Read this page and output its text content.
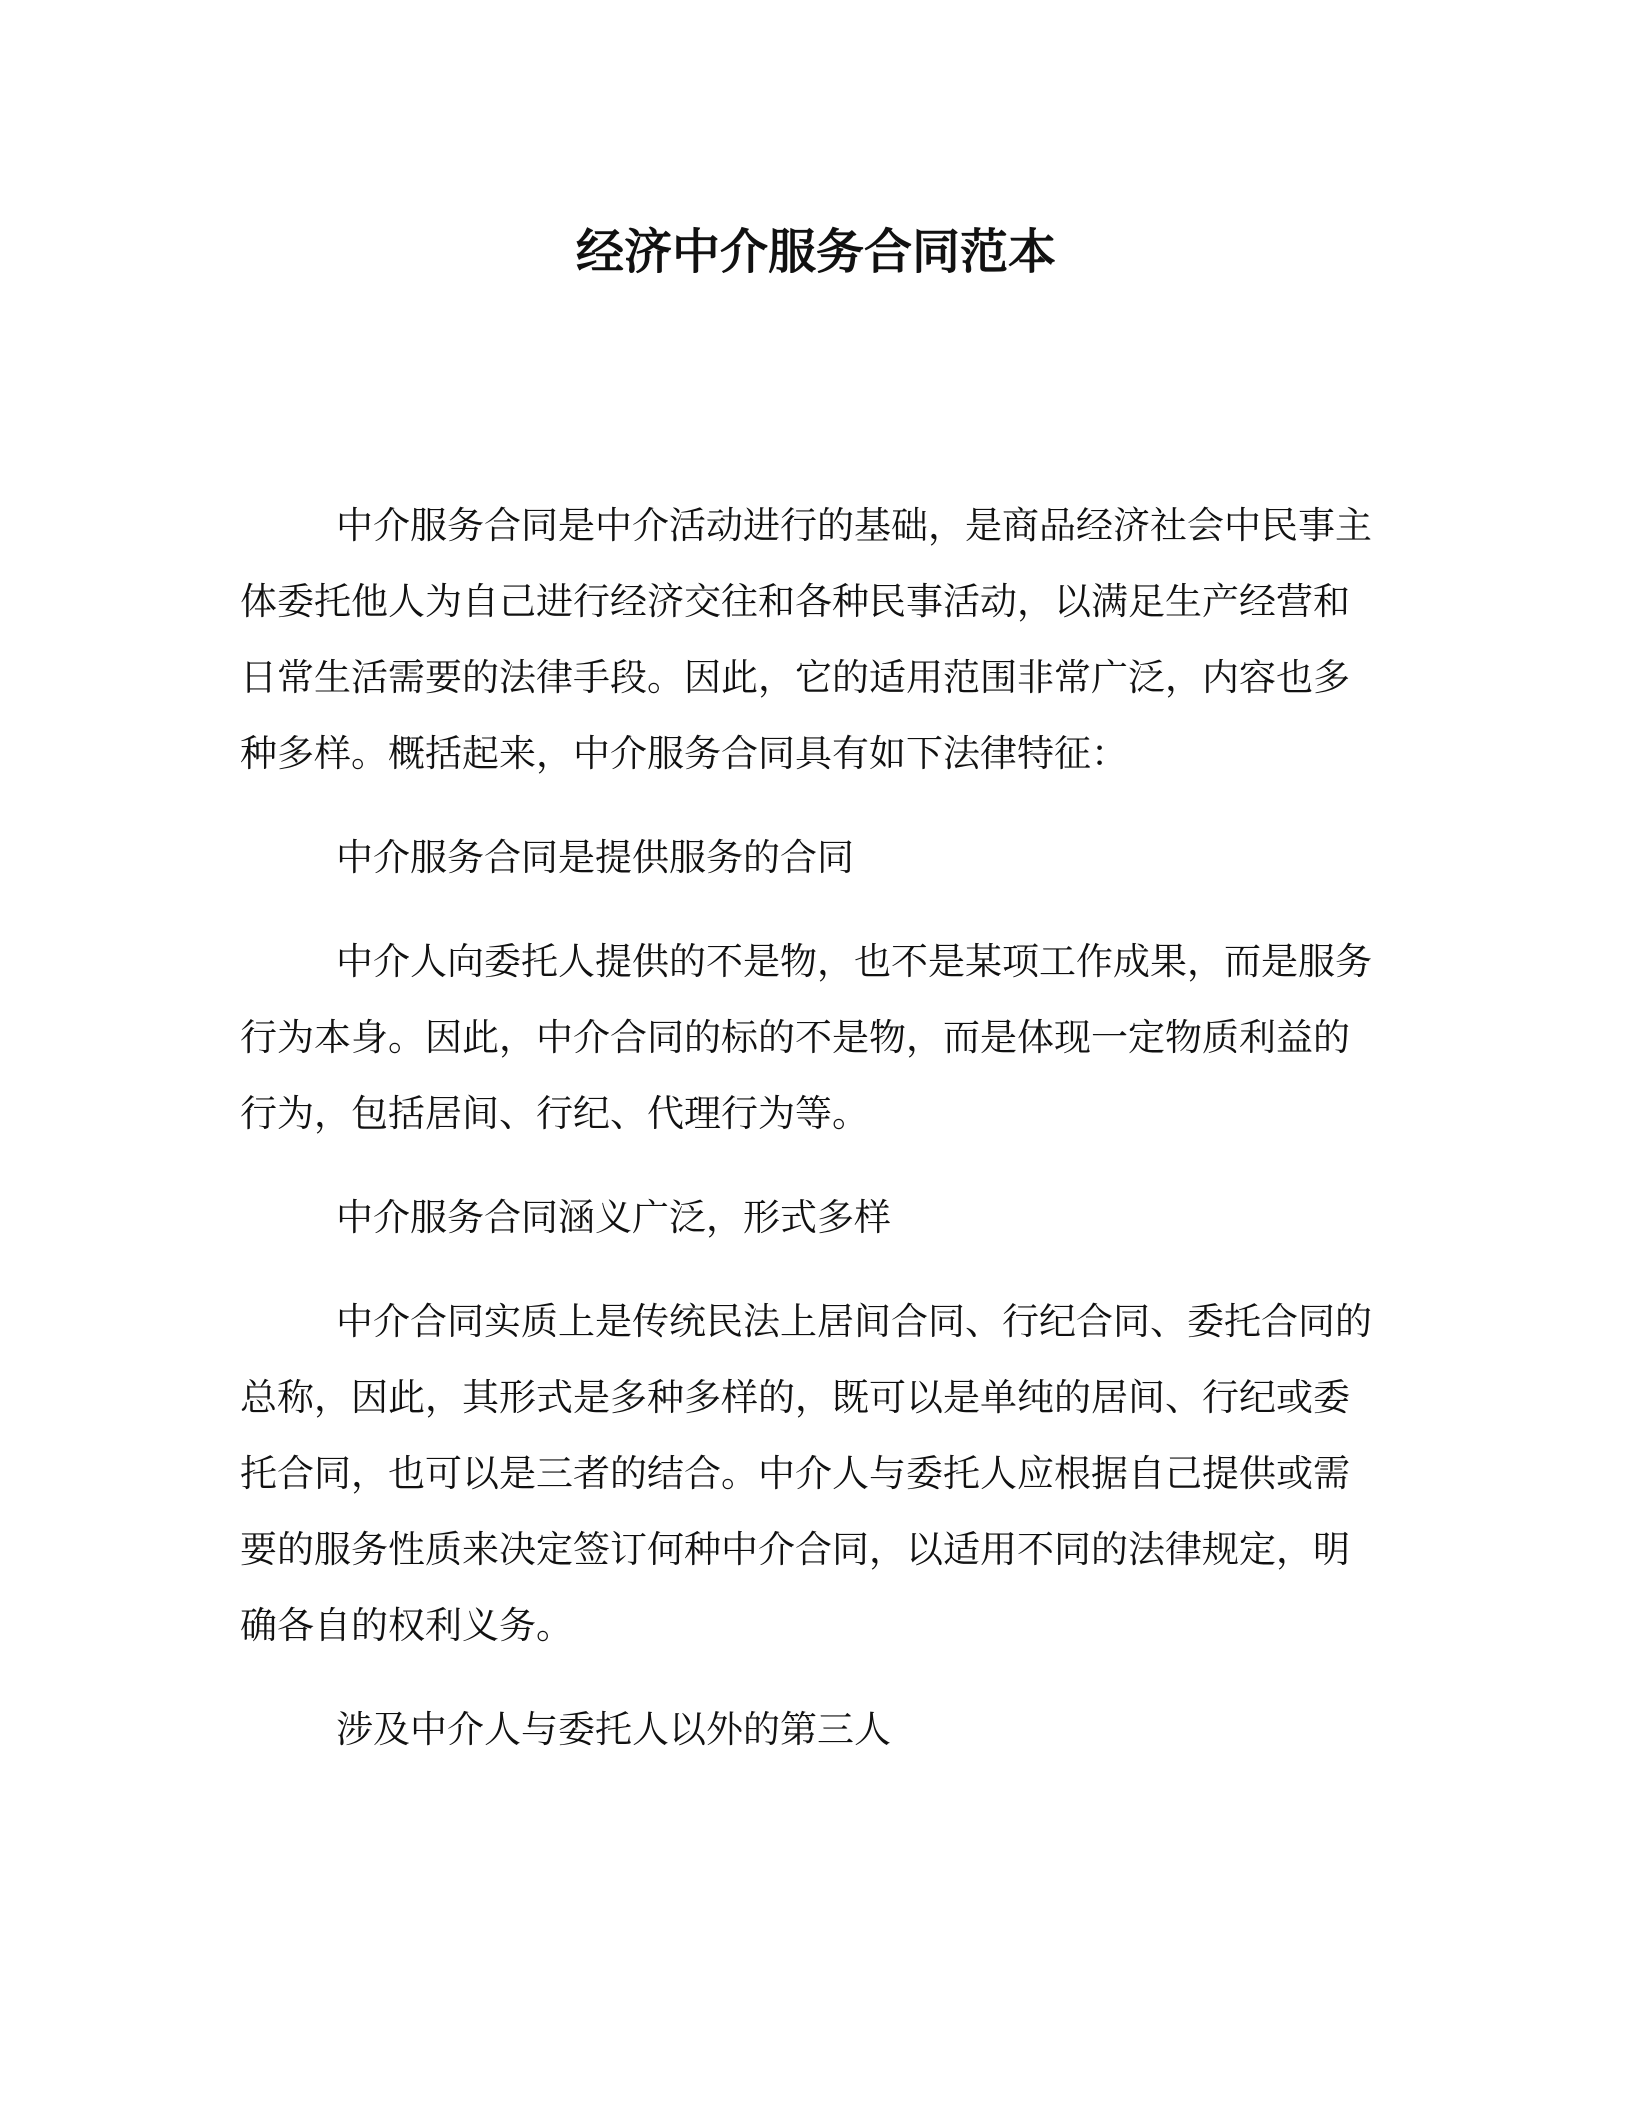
经济中介服务合同范本

中介服务合同是中介活动进行的基础，是商品经济社会中民事主体委托他人为自己进行经济交往和各种民事活动，以满足生产经营和日常生活需要的法律手段。因此，它的适用范围非常广泛，内容也多种多样。概括起来，中介服务合同具有如下法律特征：

中介服务合同是提供服务的合同

中介人向委托人提供的不是物，也不是某项工作成果，而是服务行为本身。因此，中介合同的标的不是物，而是体现一定物质利益的行为，包括居间、行纪、代理行为等。

中介服务合同涵义广泛，形式多样

中介合同实质上是传统民法上居间合同、行纪合同、委托合同的总称，因此，其形式是多种多样的，既可以是单纯的居间、行纪或委托合同，也可以是三者的结合。中介人与委托人应根据自己提供或需要的服务性质来决定签订何种中介合同，以适用不同的法律规定，明确各自的权利义务。

涉及中介人与委托人以外的第三人
